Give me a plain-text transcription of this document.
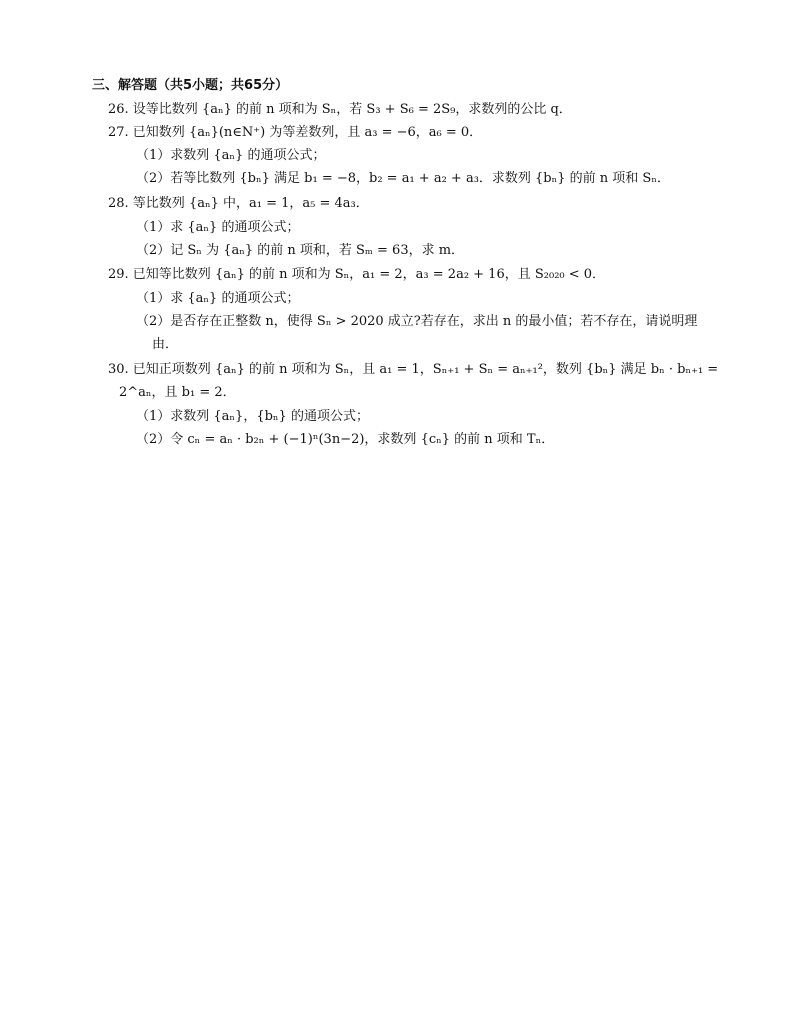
三、解答题（共5小题；共65分）
26. 设等比数列 {aₙ} 的前 n 项和为 Sₙ，若 S₃ + S₆ = 2S₉，求数列的公比 q．
27. 已知数列 {aₙ}(n∈N⁺) 为等差数列，且 a₃ = −6，a₆ = 0．
（1）求数列 {aₙ} 的通项公式；
（2）若等比数列 {bₙ} 满足 b₁ = −8，b₂ = a₁ + a₂ + a₃．求数列 {bₙ} 的前 n 项和 Sₙ．
28. 等比数列 {aₙ} 中，a₁ = 1，a₅ = 4a₃．
（1）求 {aₙ} 的通项公式；
（2）记 Sₙ 为 {aₙ} 的前 n 项和，若 Sₘ = 63，求 m．
29. 已知等比数列 {aₙ} 的前 n 项和为 Sₙ，a₁ = 2，a₃ = 2a₂ + 16，且 S₂₀₂₀ < 0．
（1）求 {aₙ} 的通项公式；
（2）是否存在正整数 n，使得 Sₙ > 2020 成立?若存在，求出 n 的最小值；若不存在，请说明理
由．
30. 已知正项数列 {aₙ} 的前 n 项和为 Sₙ，且 a₁ = 1，Sₙ₊₁ + Sₙ = aₙ₊₁²，数列 {bₙ} 满足 bₙ · bₙ₊₁ =
2^aₙ，且 b₁ = 2．
（1）求数列 {aₙ}，{bₙ} 的通项公式；
（2）令 cₙ = aₙ · b₂ₙ + (−1)ⁿ(3n−2)，求数列 {cₙ} 的前 n 项和 Tₙ．
